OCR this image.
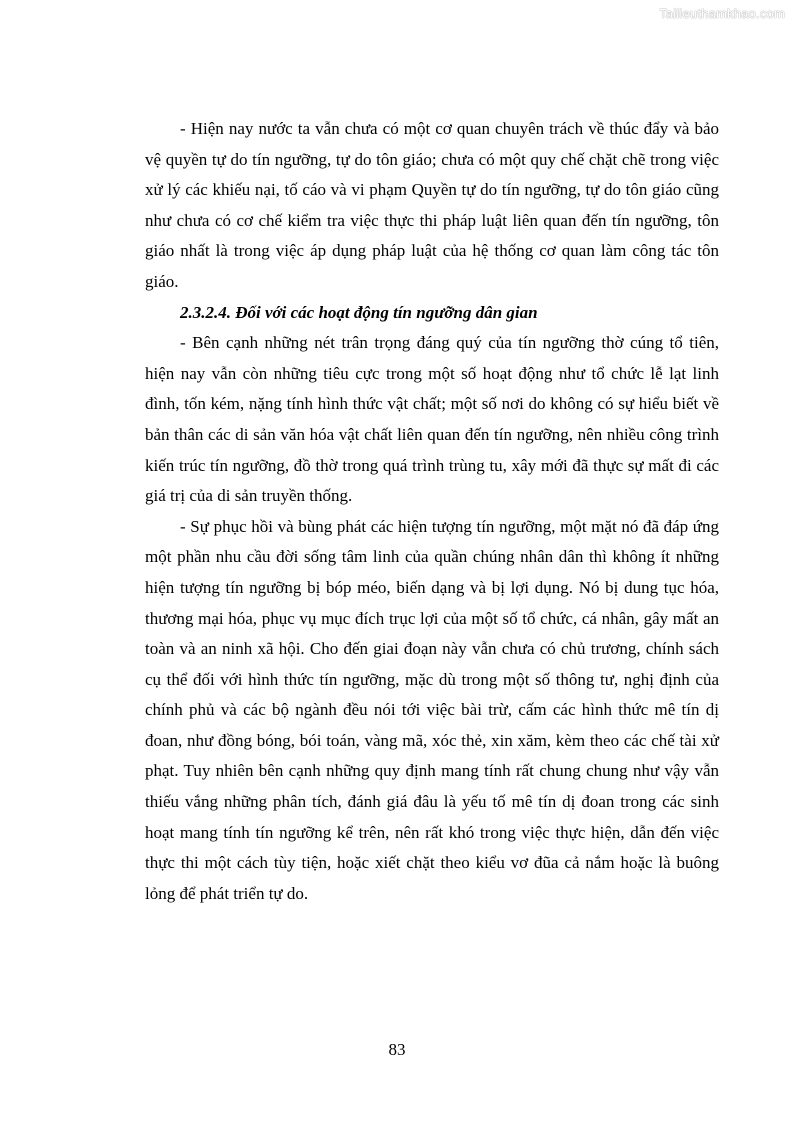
Tailieuthamkhao.com

- Hiện nay nước ta vẫn chưa có một cơ quan chuyên trách về thúc đẩy và bảo vệ quyền tự do tín ngưỡng, tự do tôn giáo; chưa có một quy chế chặt chẽ trong việc xử lý các khiếu nại, tố cáo và vi phạm Quyền tự do tín ngưỡng, tự do tôn giáo cũng như chưa có cơ chế kiểm tra việc thực thi pháp luật liên quan đến tín ngưỡng, tôn giáo nhất là trong việc áp dụng pháp luật của hệ thống cơ quan làm công tác tôn giáo.

2.3.2.4. Đối với các hoạt động tín ngưỡng dân gian

- Bên cạnh những nét trân trọng đáng quý của tín ngưỡng thờ cúng tổ tiên, hiện nay vẫn còn những tiêu cực trong một số hoạt động như tổ chức lễ lạt linh đình, tốn kém, nặng tính hình thức vật chất; một số nơi do không có sự hiểu biết về bản thân các di sản văn hóa vật chất liên quan đến tín ngưỡng, nên nhiều công trình kiến trúc tín ngưỡng, đồ thờ trong quá trình trùng tu, xây mới đã thực sự mất đi các giá trị của di sản truyền thống.

- Sự phục hồi và bùng phát các hiện tượng tín ngưỡng, một mặt nó đã đáp ứng một phần nhu cầu đời sống tâm linh của quần chúng nhân dân thì không ít những hiện tượng tín ngưỡng bị bóp méo, biến dạng và bị lợi dụng. Nó bị dung tục hóa, thương mại hóa, phục vụ mục đích trục lợi của một số tổ chức, cá nhân, gây mất an toàn và an ninh xã hội. Cho đến giai đoạn này vẫn chưa có chủ trương, chính sách cụ thể đối với hình thức tín ngưỡng, mặc dù trong một số thông tư, nghị định của chính phủ và các bộ ngành đều nói tới việc bài trừ, cấm các hình thức mê tín dị đoan, như đồng bóng, bói toán, vàng mã, xóc thẻ, xin xăm, kèm theo các chế tài xử phạt. Tuy nhiên bên cạnh những quy định mang tính rất chung chung như vậy vẫn thiếu vắng những phân tích, đánh giá đâu là yếu tố mê tín dị đoan trong các sinh hoạt mang tính tín ngưỡng kể trên, nên rất khó trong việc thực hiện, dẫn đến việc thực thi một cách tùy tiện, hoặc xiết chặt theo kiểu vơ đũa cả nắm hoặc là buông lỏng để phát triển tự do.

83
